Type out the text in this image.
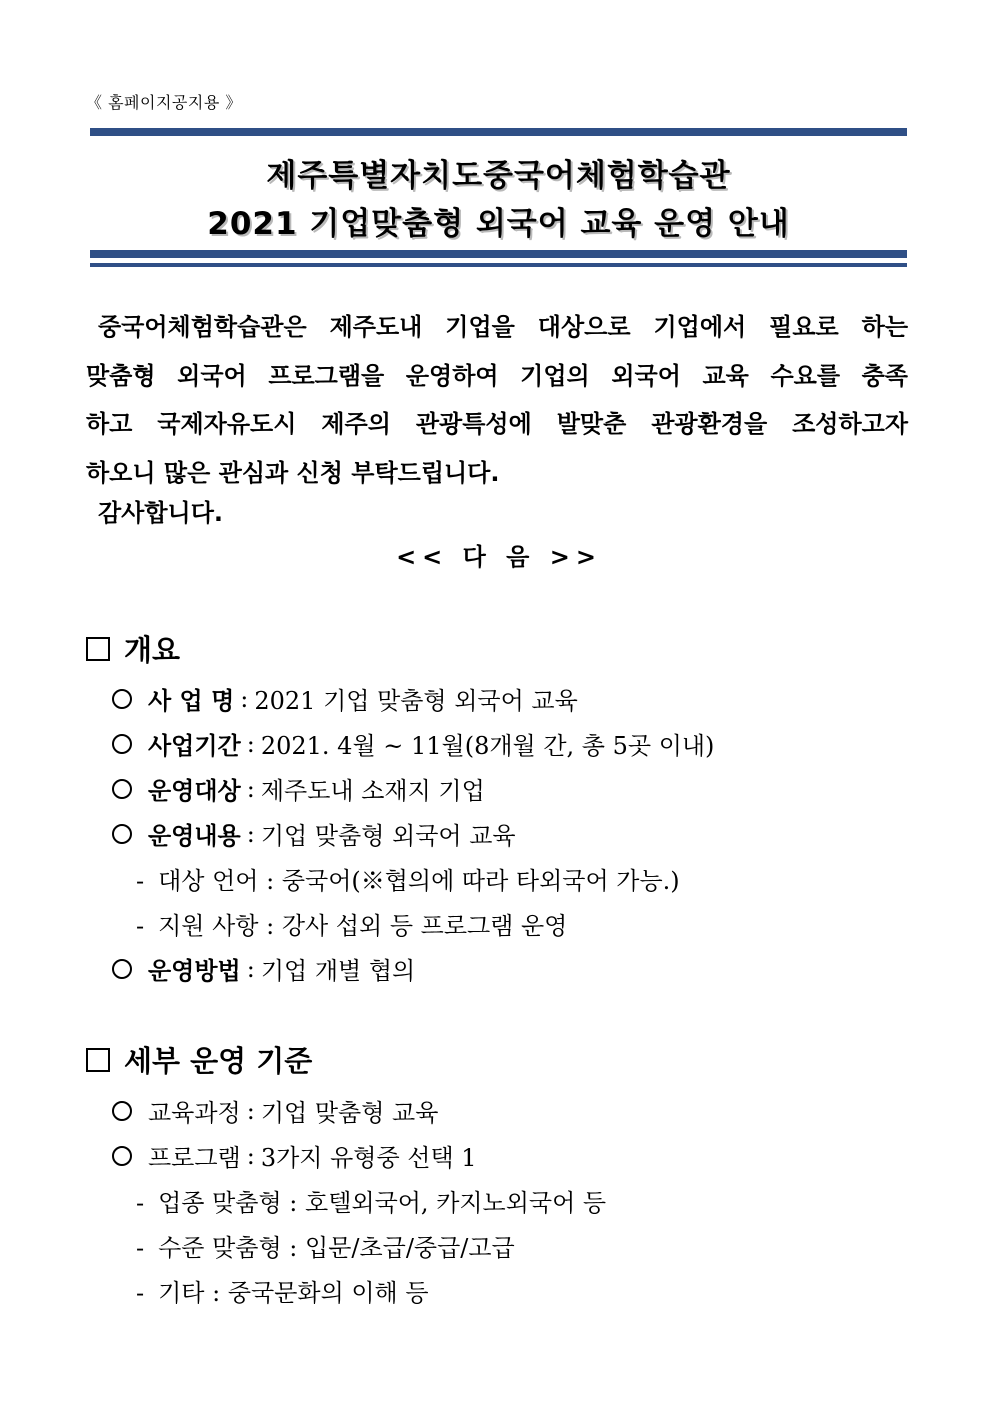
《 홈페이지공지용 》
제주특별자치도중국어체험학습관
2021 기업맞춤형 외국어 교육 운영 안내

중국어체험학습관은 제주도내 기업을 대상으로 기업에서 필요로 하는
맞춤형 외국어 프로그램을 운영하여 기업의 외국어 교육 수요를 충족
하고 국제자유도시 제주의 관광특성에 발맞춘 관광환경을 조성하고자
하오니 많은 관심과 신청 부탁드립니다.

감사합니다.
<< 다 음 >>
개요
사 업 명 : 2021 기업 맞춤형 외국어 교육
사업기간 : 2021. 4월 ~ 11월(8개월 간, 총 5곳 이내)
운영대상 : 제주도내 소재지 기업
운영내용 : 기업 맞춤형 외국어 교육
- 대상 언어 : 중국어(※협의에 따라 타외국어 가능.)
- 지원 사항 : 강사 섭외 등 프로그램 운영
운영방법 : 기업 개별 협의
세부 운영 기준
교육과정 : 기업 맞춤형 교육
프로그램 : 3가지 유형중 선택 1
- 업종 맞춤형 : 호텔외국어, 카지노외국어 등
- 수준 맞춤형 : 입문/초급/중급/고급
- 기타 : 중국문화의 이해 등
